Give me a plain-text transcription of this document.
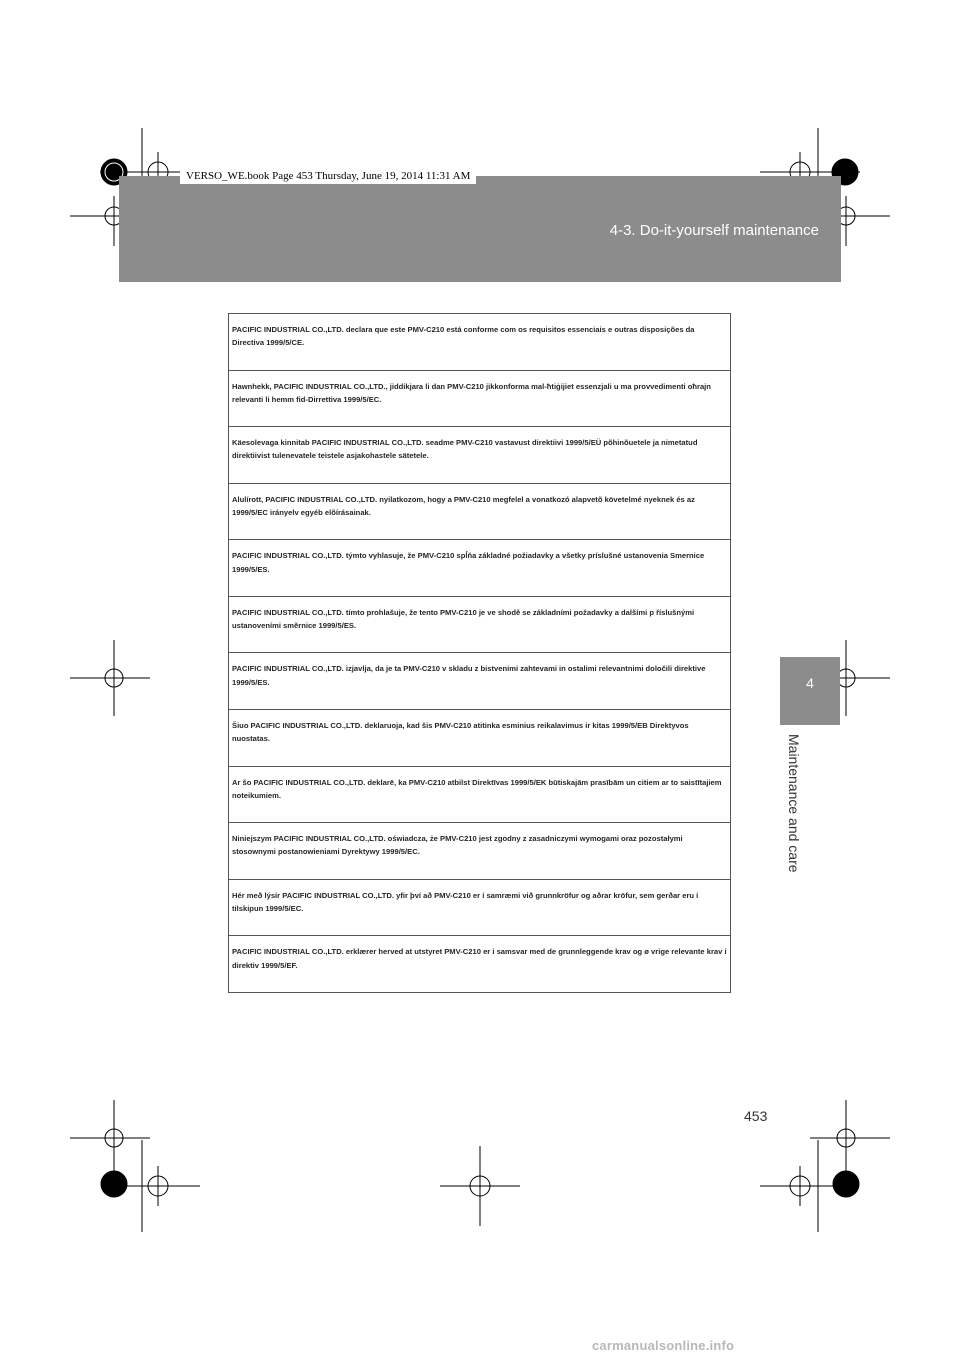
4-3. Do-it-yourself maintenance
VERSO_WE.book Page 453 Thursday, June 19, 2014 11:31 AM
4
Maintenance and care
PACIFIC INDUSTRIAL CO.,LTD. declara que este PMV-C210 está conforme com os requisitos essenciais e outras disposições da Directiva 1999/5/CE.
Hawnhekk, PACIFIC INDUSTRIAL CO.,LTD., jiddikjara li dan PMV-C210 jikkonforma mal-ħtiġijiet essenzjali u ma provvedimenti oħrajn relevanti li hemm fid-Dirrettiva 1999/5/EC.
Käesolevaga kinnitab PACIFIC INDUSTRIAL CO.,LTD. seadme PMV-C210 vastavust direktiivi 1999/5/EÜ põhinõuetele ja nimetatud direktiivist tulenevatele teistele asjakohastele sätetele.
Alulírott, PACIFIC INDUSTRIAL CO.,LTD. nyilatkozom, hogy a PMV-C210 megfelel a vonatkozó alapvetõ követelmé nyeknek és az 1999/5/EC irányelv egyéb elõírásainak.
PACIFIC INDUSTRIAL CO.,LTD. týmto vyhlasuje, že PMV-C210 spĺňa základné požiadavky a všetky príslušné ustanovenia Smernice 1999/5/ES.
PACIFIC INDUSTRIAL CO.,LTD. tímto prohlašuje, že tento PMV-C210 je ve shodě se základními požadavky a dalšími p říslušnými ustanoveními směrnice 1999/5/ES.
PACIFIC INDUSTRIAL CO.,LTD. izjavlja, da je ta PMV-C210 v skladu z bistvenimi zahtevami in ostalimi relevantnimi določili direktive 1999/5/ES.
Šiuo PACIFIC INDUSTRIAL CO.,LTD. deklaruoja, kad šis PMV-C210 atitinka esminius reikalavimus ir kitas 1999/5/EB Direktyvos nuostatas.
Ar šo PACIFIC INDUSTRIAL CO.,LTD. deklarē, ka PMV-C210 atbilst Direktīvas 1999/5/EK būtiskajām prasībām un citiem ar to saistītajiem noteikumiem.
Niniejszym PACIFIC INDUSTRIAL CO.,LTD. oświadcza, że PMV-C210 jest zgodny z zasadniczymi wymogami oraz pozostałymi stosownymi postanowieniami Dyrektywy 1999/5/EC.
Hér með lýsir PACIFIC INDUSTRIAL CO.,LTD. yfir því að PMV-C210 er í samræmi við grunnkröfur og aðrar kröfur, sem gerðar eru í tilskipun 1999/5/EC.
PACIFIC INDUSTRIAL CO.,LTD. erklærer herved at utstyret PMV-C210 er i samsvar med de grunnleggende krav og ø vrige relevante krav i direktiv 1999/5/EF.
453
carmanualsonline.info
